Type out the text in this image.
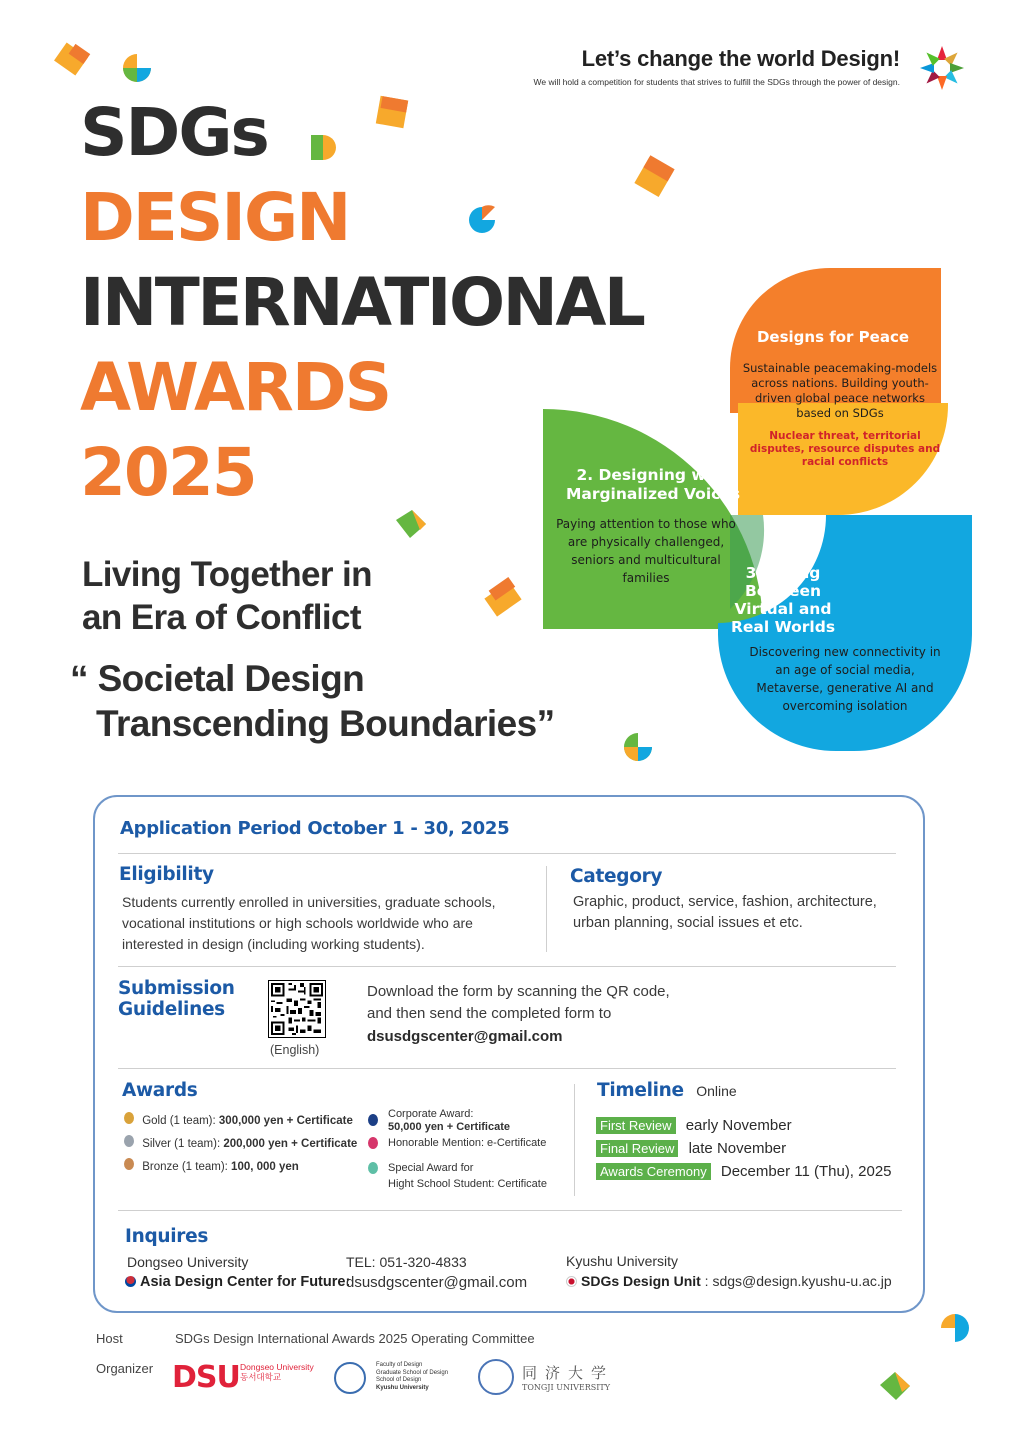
Let’s change the world Design!
We will hold a competition for students that strives to fulfill the SDGs through the power of design.
SDGs
DESIGN
INTERNATIONAL
AWARDS
2025
Living Together in
an Era of Conflict
“ Societal Design
Transcending Boundaries”
Designs for Peace
Sustainable peacemaking-models across nations. Building youth-driven global peace networks based on SDGs
Nuclear threat, territorial disputes, resource disputes and racial conflicts
2. Designing with Marginalized Voices
Paying attention to those who are physically challenged, seniors and multicultural families	3. Living Between Virtual and Real Worlds
Discovering new connectivity in an age of social media, Metaverse, generative AI and overcoming isolation
Application Period October 1 - 30, 2025
Eligibility
Students currently enrolled in universities, graduate schools, vocational institutions or high schools worldwide who are interested in design (including working students).
Category
Graphic, product, service, fashion, architecture, urban planning, social issues et etc.
Submission
Guidelines
(English)
Download the form by scanning the QR code,
and then send the completed form to
dsusdgscenter@gmail.com
Awards
Gold (1 team): 300,000 yen + Certificate
Silver (1 team): 200,000 yen + Certificate
Bronze (1 team): 100, 000 yen
Corporate Award:
50,000 yen + Certificate
Honorable Mention: e-Certificate
Special Award for
Hight School Student: Certificate
Timeline Online
First Review early November
Final Review late November
Awards Ceremony December 11 (Thu), 2025
Inquires
Dongseo University
Asia Design Center for Future:
TEL: 051-320-4833
dsusdgscenter@gmail.com
Kyushu University
SDGs Design Unit : sdgs@design.kyushu-u.ac.jp
Host	SDGs Design International Awards 2025 Operating Committee
Organizer DSU Dongseo University
동서대학교
Faculty of Design
Graduate School of Design
School of Design
Kyushu University
同济大学
TONGJI UNIVERSITY
